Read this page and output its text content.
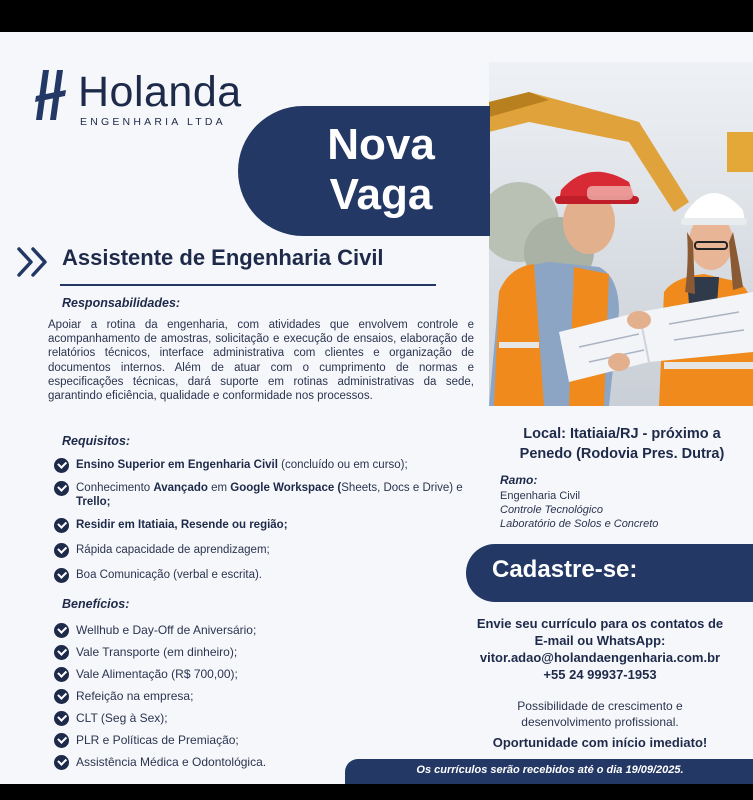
Holanda
ENGENHARIA LTDA	Nova
Vaga
Assistente de Engenharia Civil
Responsabilidades:
Apoiar a rotina da engenharia, com atividades que envolvem controle e acompanhamento de amostras, solicitação e execução de ensaios, elaboração de relatórios técnicos, interface administrativa com clientes e organização de documentos internos. Além de atuar com o cumprimento de normas e especificações técnicas, dará suporte em rotinas administrativas da sede, garantindo eficiência, qualidade e conformidade nos processos.
Requisitos:
Ensino Superior em Engenharia Civil (concluído ou em curso);
Conhecimento Avançado em Google Workspace (Sheets, Docs e Drive) e Trello;
Residir em Itatiaia, Resende ou região;
Rápida capacidade de aprendizagem;
Boa Comunicação (verbal e escrita).
Benefícios:
Wellhub e Day-Off de Aniversário;
Vale Transporte (em dinheiro);
Vale Alimentação (R$ 700,00);
Refeição na empresa;
CLT (Seg à Sex);
PLR e Políticas de Premiação;
Assistência Médica e Odontológica.
Local: Itatiaia/RJ - próximo a
Penedo (Rodovia Pres. Dutra)
Ramo:
Engenharia Civil
Controle Tecnológico
Laboratório de Solos e Concreto
Cadastre-se:
Envie seu currículo para os contatos de
E-mail ou WhatsApp:
vitor.adao@holandaengenharia.com.br
+55 24 99937-1953
Possibilidade de crescimento e
desenvolvimento profissional.
Oportunidade com início imediato!
Os currículos serão recebidos até o dia 19/09/2025.
